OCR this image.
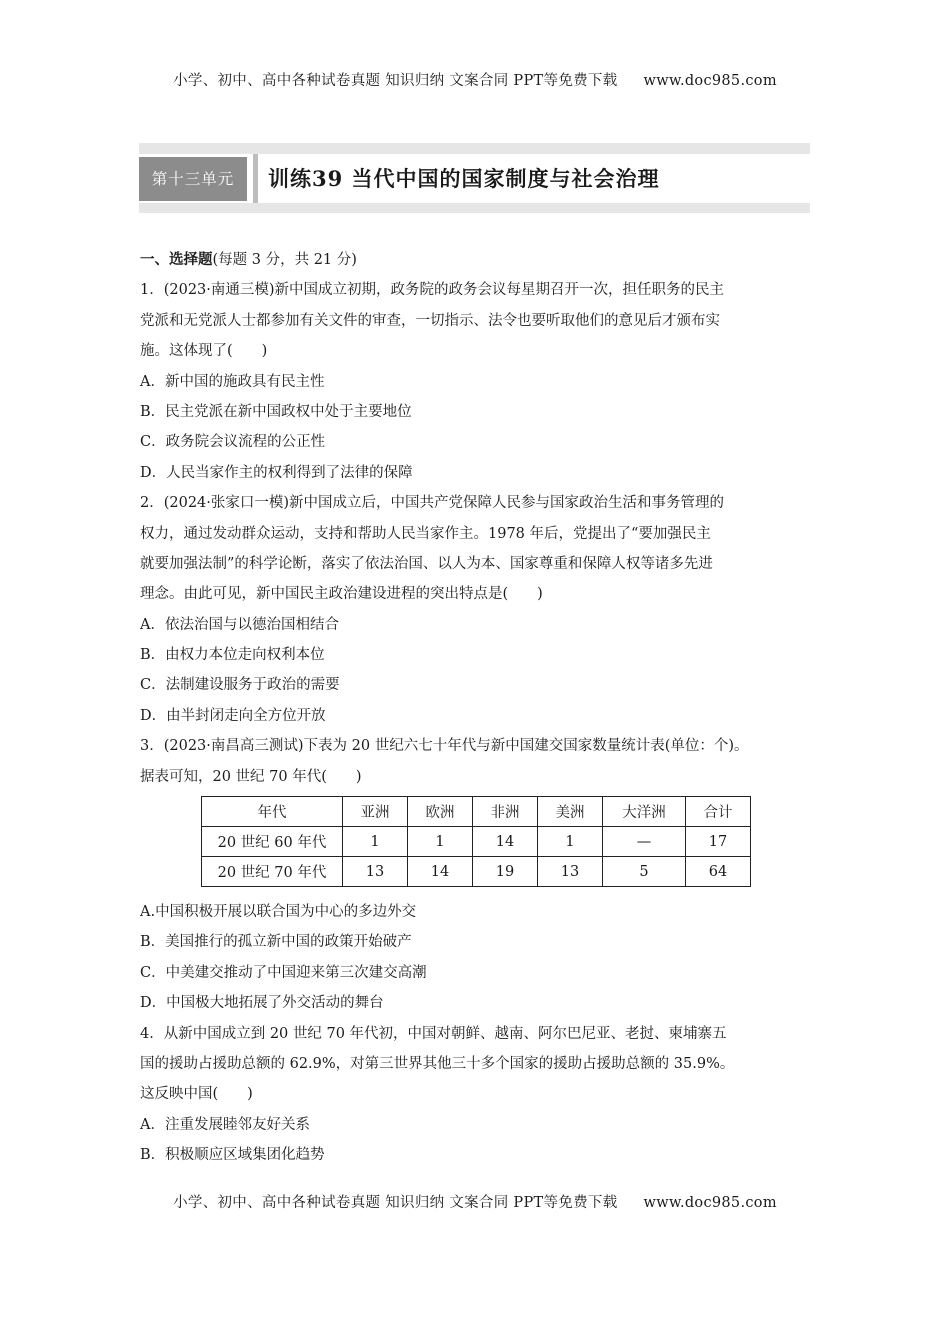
小学、初中、高中各种试卷真题 知识归纳 文案合同 PPT等免费下载 www.doc985.com
第十三单元	训练39 当代中国的国家制度与社会治理
一、选择题(每题 3 分，共 21 分)
1．(2023·南通三模)新中国成立初期，政务院的政务会议每星期召开一次，担任职务的民主
党派和无党派人士都参加有关文件的审查，一切指示、法令也要听取他们的意见后才颁布实
施。这体现了(　　)
A．新中国的施政具有民主性
B．民主党派在新中国政权中处于主要地位
C．政务院会议流程的公正性
D．人民当家作主的权利得到了法律的保障
2．(2024·张家口一模)新中国成立后，中国共产党保障人民参与国家政治生活和事务管理的
权力，通过发动群众运动，支持和帮助人民当家作主。1978 年后，党提出了“要加强民主
就要加强法制”的科学论断，落实了依法治国、以人为本、国家尊重和保障人权等诸多先进
理念。由此可见，新中国民主政治建设进程的突出特点是(　　)
A．依法治国与以德治国相结合
B．由权力本位走向权利本位
C．法制建设服务于政治的需要
D．由半封闭走向全方位开放
3．(2023·南昌高三测试)下表为 20 世纪六七十年代与新中国建交国家数量统计表(单位：个)。
据表可知，20 世纪 70 年代(　　)
年代	亚洲	欧洲	非洲	美洲	大洋洲	合计
20 世纪 60 年代	1	1	14	1	—	17
20 世纪 70 年代	13	14	19	13	5	64
A.中国积极开展以联合国为中心的多边外交
B．美国推行的孤立新中国的政策开始破产
C．中美建交推动了中国迎来第三次建交高潮
D．中国极大地拓展了外交活动的舞台
4．从新中国成立到 20 世纪 70 年代初，中国对朝鲜、越南、阿尔巴尼亚、老挝、柬埔寨五
国的援助占援助总额的 62.9%，对第三世界其他三十多个国家的援助占援助总额的 35.9%。
这反映中国(　　)
A．注重发展睦邻友好关系
B．积极顺应区域集团化趋势
小学、初中、高中各种试卷真题 知识归纳 文案合同 PPT等免费下载 www.doc985.com
